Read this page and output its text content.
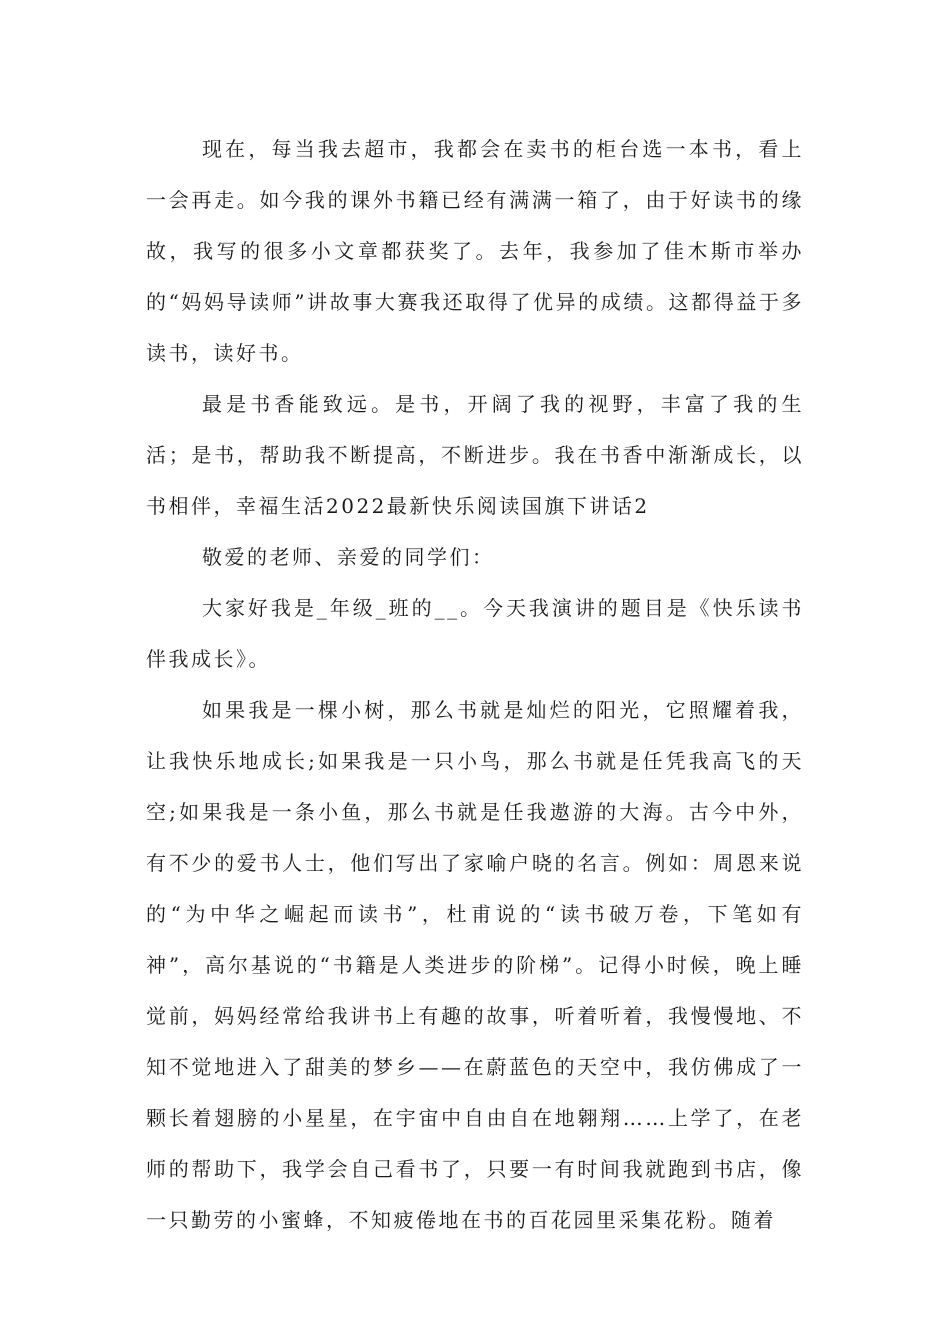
现在，每当我去超市，我都会在卖书的柜台选一本书，看上一会再走。如今我的课外书籍已经有满满一箱了，由于好读书的缘故，我写的很多小文章都获奖了。去年，我参加了佳木斯市举办的“妈妈导读师”讲故事大赛我还取得了优异的成绩。这都得益于多读书，读好书。

最是书香能致远。是书，开阔了我的视野，丰富了我的生活；是书，帮助我不断提高，不断进步。我在书香中渐渐成长，以书相伴，幸福生活2022最新快乐阅读国旗下讲话2

敬爱的老师、亲爱的同学们：

大家好我是_年级_班的__。今天我演讲的题目是《快乐读书伴我成长》。

如果我是一棵小树，那么书就是灿烂的阳光，它照耀着我，让我快乐地成长;如果我是一只小鸟，那么书就是任凭我高飞的天空;如果我是一条小鱼，那么书就是任我遨游的大海。古今中外，有不少的爱书人士，他们写出了家喻户晓的名言。例如：周恩来说的“为中华之崛起而读书”，杜甫说的“读书破万卷，下笔如有神”，高尔基说的“书籍是人类进步的阶梯”。记得小时候，晚上睡觉前，妈妈经常给我讲书上有趣的故事，听着听着，我慢慢地、不知不觉地进入了甜美的梦乡——在蔚蓝色的天空中，我仿佛成了一颗长着翅膀的小星星，在宇宙中自由自在地翱翔……上学了，在老师的帮助下，我学会自己看书了，只要一有时间我就跑到书店，像一只勤劳的小蜜蜂，不知疲倦地在书的百花园里采集花粉。随着
